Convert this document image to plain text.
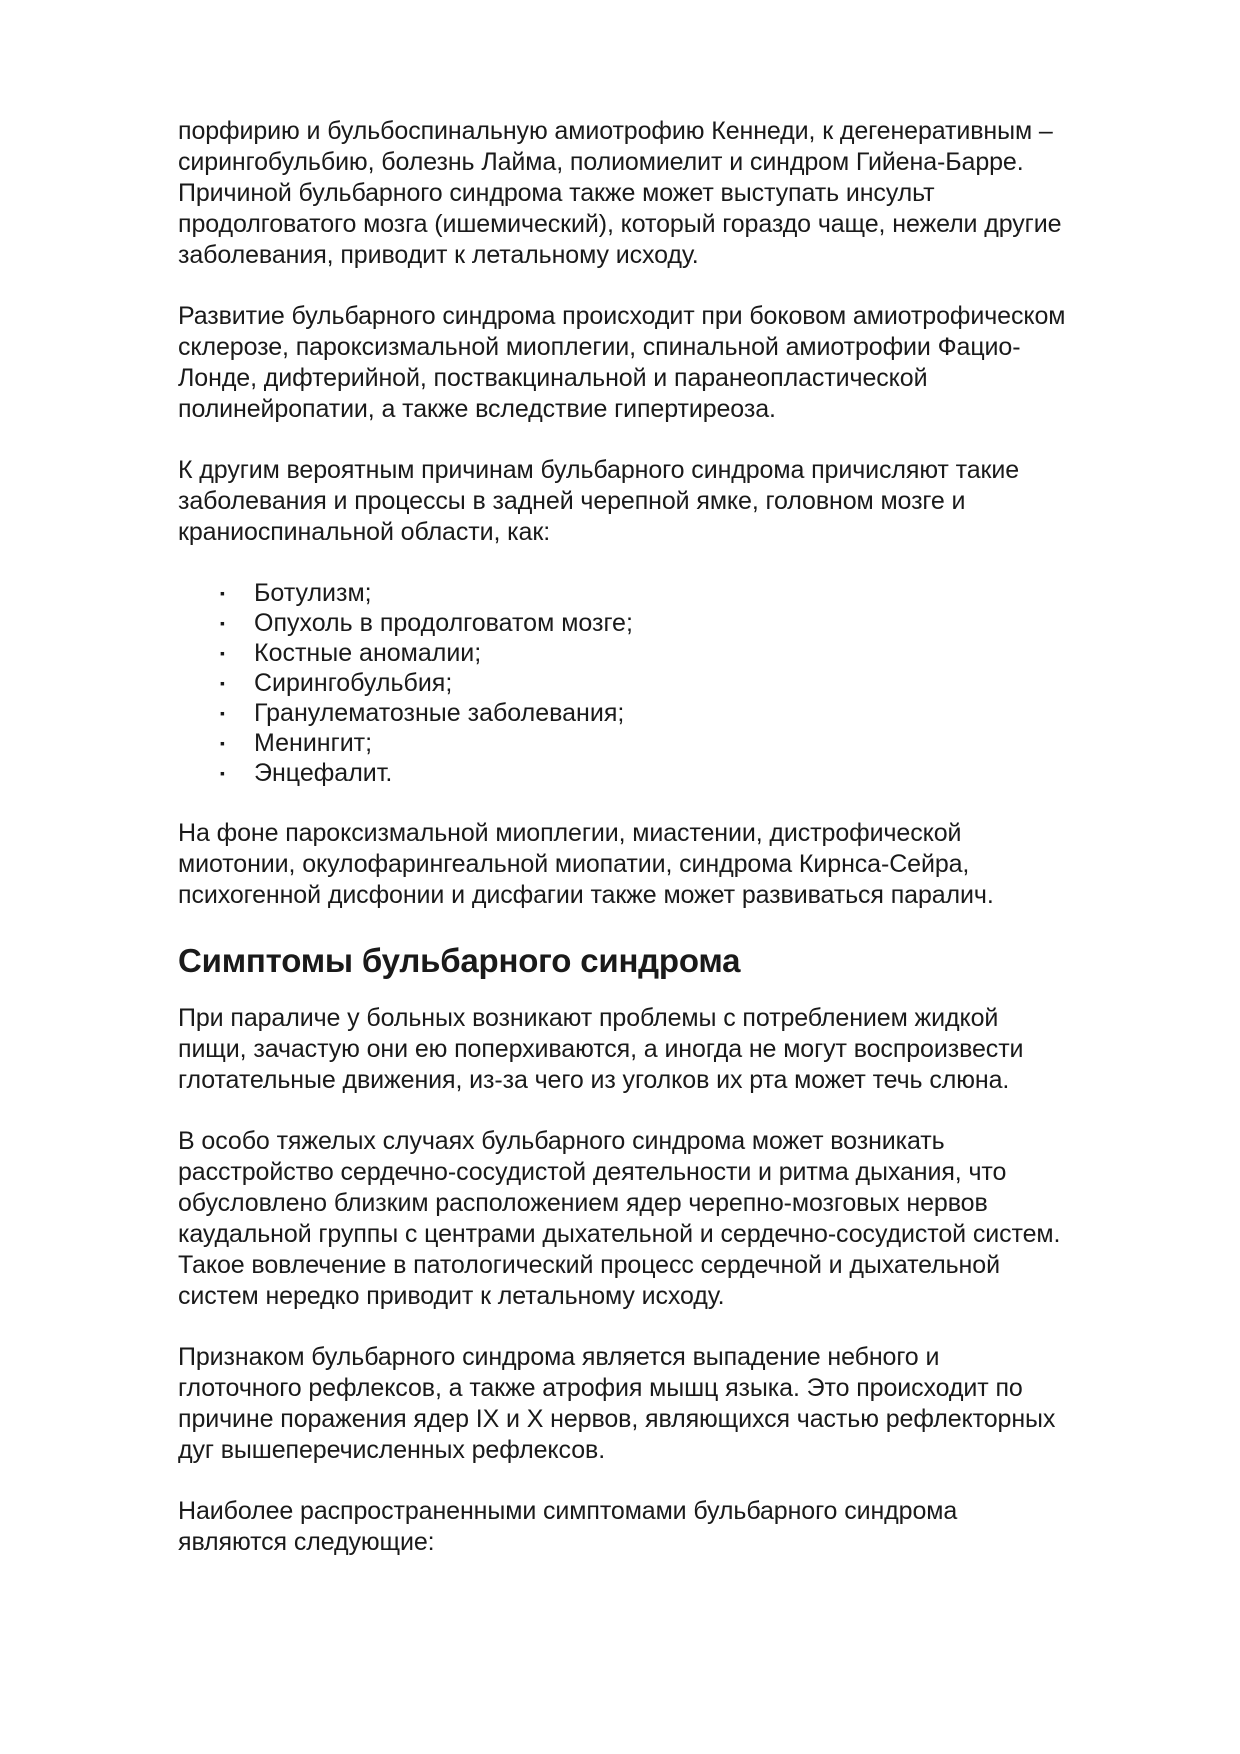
порфирию и бульбоспинальную амиотрофию Кеннеди, к дегенеративным –
сирингобульбию, болезнь Лайма, полиомиелит и синдром Гийена-Барре.
Причиной бульбарного синдрома также может выступать инсульт
продолговатого мозга (ишемический), который гораздо чаще, нежели другие
заболевания, приводит к летальному исходу.

Развитие бульбарного синдрома происходит при боковом амиотрофическом
склерозе, пароксизмальной миоплегии, спинальной амиотрофии Фацио-
Лонде, дифтерийной, поствакцинальной и паранеопластической
полинейропатии, а также вследствие гипертиреоза.

К другим вероятным причинам бульбарного синдрома причисляют такие
заболевания и процессы в задней черепной ямке, головном мозге и
краниоспинальной области, как:

▪ Ботулизм;
▪ Опухоль в продолговатом мозге;
▪ Костные аномалии;
▪ Сирингобульбия;
▪ Гранулематозные заболевания;
▪ Менингит;
▪ Энцефалит.

На фоне пароксизмальной миоплегии, миастении, дистрофической
миотонии, окулофарингеальной миопатии, синдрома Кирнса-Сейра,
психогенной дисфонии и дисфагии также может развиваться паралич.

Симптомы бульбарного синдрома

При параличе у больных возникают проблемы с потреблением жидкой
пищи, зачастую они ею поперхиваются, а иногда не могут воспроизвести
глотательные движения, из-за чего из уголков их рта может течь слюна.

В особо тяжелых случаях бульбарного синдрома может возникать
расстройство сердечно-сосудистой деятельности и ритма дыхания, что
обусловлено близким расположением ядер черепно-мозговых нервов
каудальной группы с центрами дыхательной и сердечно-сосудистой систем.
Такое вовлечение в патологический процесс сердечной и дыхательной
систем нередко приводит к летальному исходу.

Признаком бульбарного синдрома является выпадение небного и
глоточного рефлексов, а также атрофия мышц языка. Это происходит по
причине поражения ядер IX и X нервов, являющихся частью рефлекторных
дуг вышеперечисленных рефлексов.

Наиболее распространенными симптомами бульбарного синдрома
являются следующие:
